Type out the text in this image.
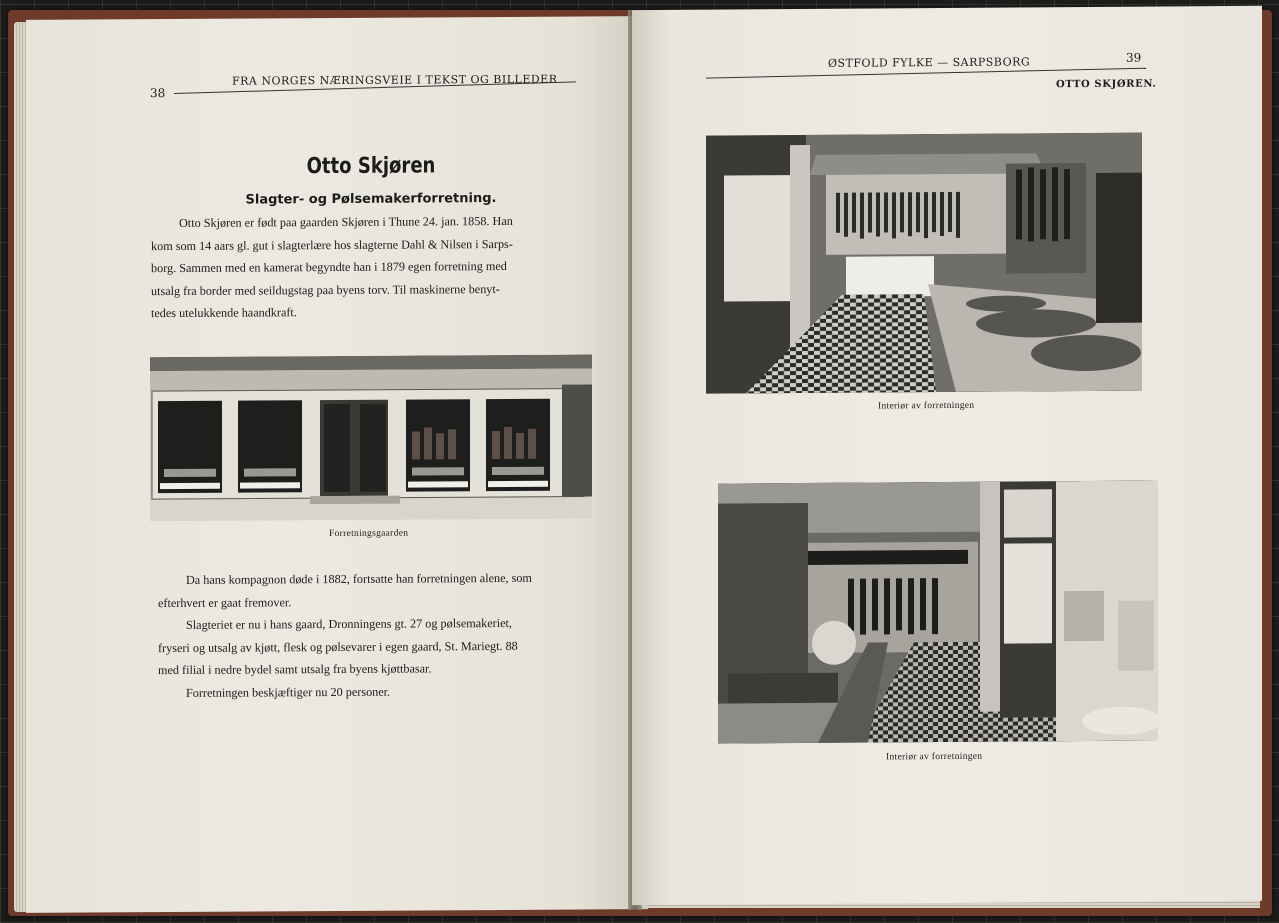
38
FRA NORGES NÆRINGSVEIE I TEKST OG BILLEDER
Otto Skjøren
Slagter- og Pølsemakerforretning.
Otto Skjøren er født paa gaarden Skjøren i Thune 24. jan. 1858. Han
kom som 14 aars gl. gut i slagterlære hos slagterne Dahl & Nilsen i Sarps-
borg. Sammen med en kamerat begyndte han i 1879 egen forretning med
utsalg fra border med seildugstag paa byens torv. Til maskinerne benyt-
tedes utelukkende haandkraft.
Forretningsgaarden
Da hans kompagnon døde i 1882, fortsatte han forretningen alene, som
efterhvert er gaat fremover.
Slagteriet er nu i hans gaard, Dronningens gt. 27 og pølsemakeriet,
fryseri og utsalg av kjøtt, flesk og pølsevarer i egen gaard, St. Mariegt. 88
med filial i nedre bydel samt utsalg fra byens kjøttbasar.
Forretningen beskjæftiger nu 20 personer.
ØSTFOLD FYLKE — SARPSBORG	39
OTTO SKJØREN.
Interiør av forretningen
Interiør av forretningen
